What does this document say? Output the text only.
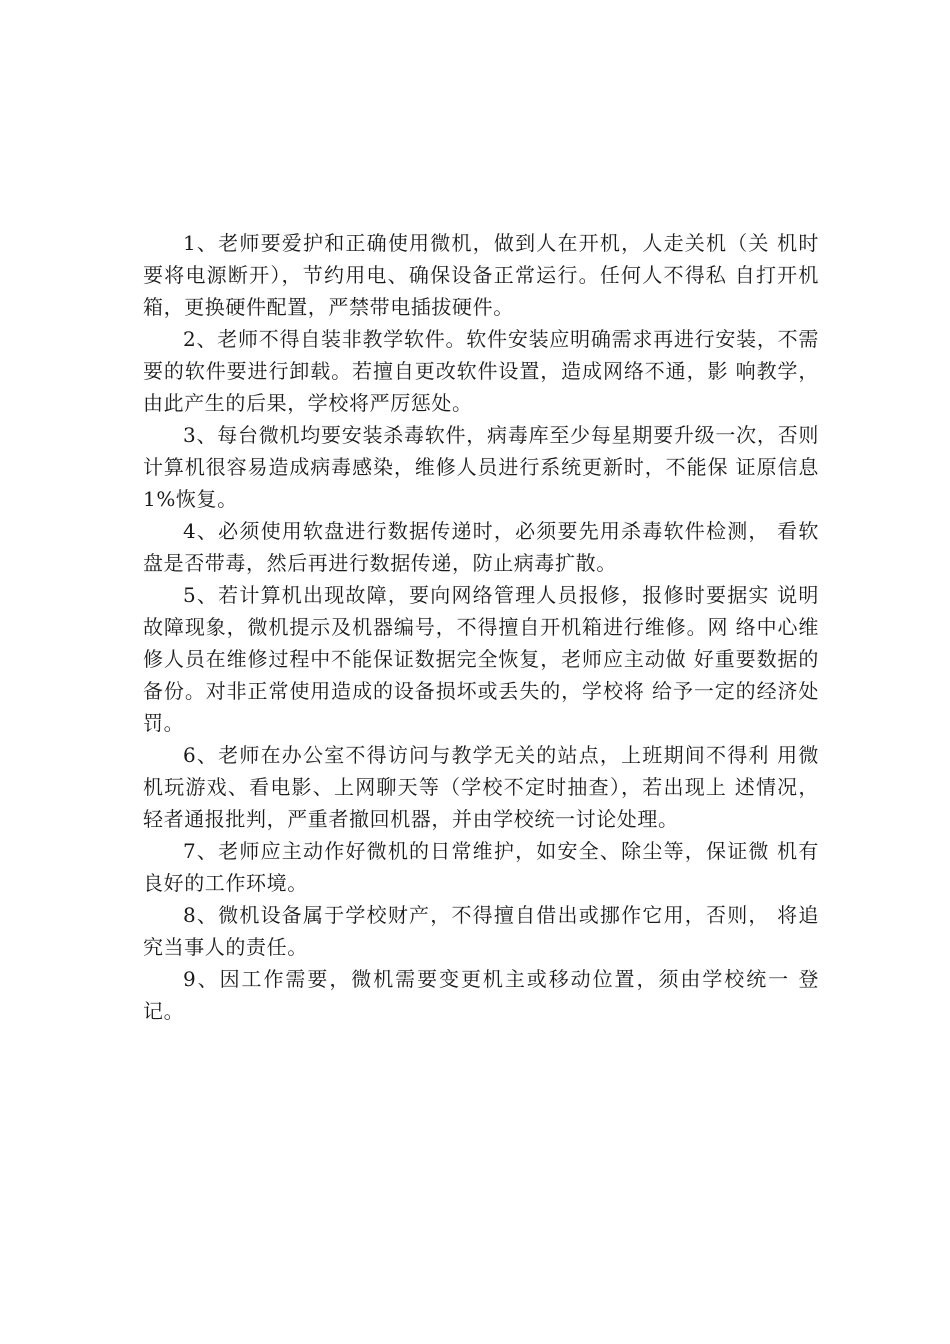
1、老师要爱护和正确使用微机，做到人在开机，人走关机（关 机时要将电源断开），节约用电、确保设备正常运行。任何人不得私 自打开机箱，更换硬件配置，严禁带电插拔硬件。

2、老师不得自装非教学软件。软件安装应明确需求再进行安装，不需要的软件要进行卸载。若擅自更改软件设置，造成网络不通，影 响教学，由此产生的后果，学校将严厉惩处。

3、每台微机均要安装杀毒软件，病毒库至少每星期要升级一次，否则计算机很容易造成病毒感染，维修人员进行系统更新时，不能保 证原信息1%恢复。

4、必须使用软盘进行数据传递时，必须要先用杀毒软件检测， 看软盘是否带毒，然后再进行数据传递，防止病毒扩散。

5、若计算机出现故障，要向网络管理人员报修，报修时要据实 说明故障现象，微机提示及机器编号，不得擅自开机箱进行维修。网 络中心维修人员在维修过程中不能保证数据完全恢复，老师应主动做 好重要数据的备份。对非正常使用造成的设备损坏或丢失的，学校将 给予一定的经济处罚。

6、老师在办公室不得访问与教学无关的站点，上班期间不得利 用微机玩游戏、看电影、上网聊天等（学校不定时抽查），若出现上 述情况，轻者通报批判，严重者撤回机器，并由学校统一讨论处理。

7、老师应主动作好微机的日常维护，如安全、除尘等，保证微 机有良好的工作环境。

8、微机设备属于学校财产，不得擅自借出或挪作它用，否则， 将追究当事人的责任。

9、因工作需要，微机需要变更机主或移动位置，须由学校统一 登记。
